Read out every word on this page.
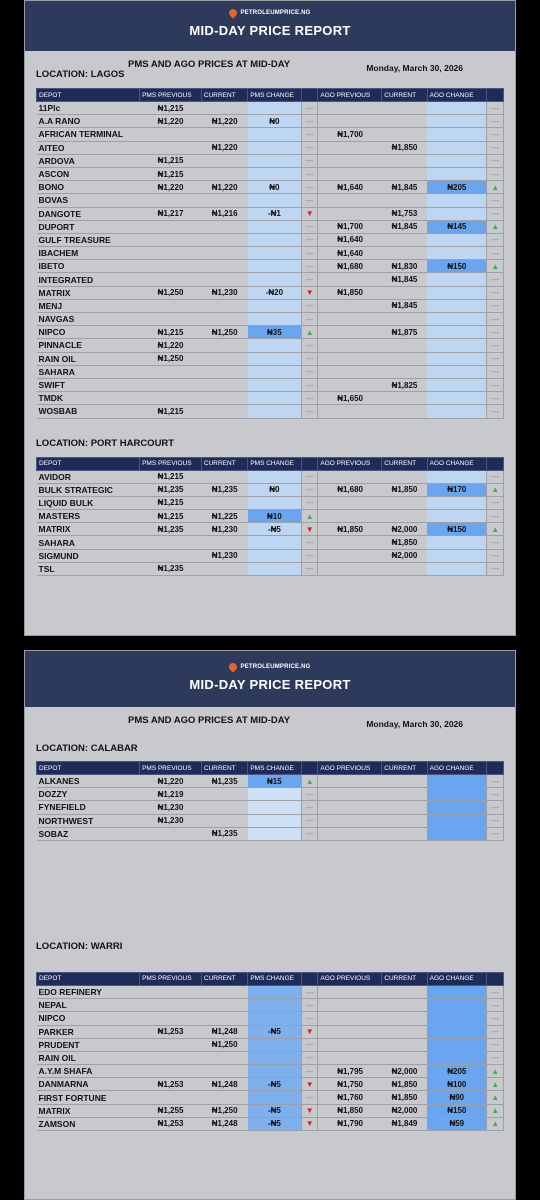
PETROLEUMPRICE.NG
MID-DAY PRICE REPORT
PMS AND AGO PRICES AT MID-DAY	Monday, March 30, 2026
LOCATION: LAGOS
DEPOT	PMS PREVIOUS	CURRENT	PMS CHANGE		AGO PREVIOUS	CURRENT	AGO CHANGE	
11Plc	₦1,215			—				—
A.A RANO	₦1,220	₦1,220	₦0	—				—
AFRICAN TERMINAL				—	₦1,700			—
AITEO		₦1,220		—		₦1,850		—
ARDOVA	₦1,215			—				—
ASCON	₦1,215			—				—
BONO	₦1,220	₦1,220	₦0	—	₦1,640	₦1,845	₦205	▲
BOVAS				—				—
DANGOTE	₦1,217	₦1,216	-₦1	▼		₦1,753		—
DUPORT				—	₦1,700	₦1,845	₦145	▲
GULF TREASURE				—	₦1,640			—
IBACHEM				—	₦1,640			—
IBETO				—	₦1,680	₦1,830	₦150	▲
INTEGRATED				—		₦1,845		—
MATRIX	₦1,250	₦1,230	-₦20	▼	₦1,850			—
MENJ				—		₦1,845		—
NAVGAS				—				—
NIPCO	₦1,215	₦1,250	₦35	▲		₦1,875		—
PINNACLE	₦1,220			—				—
RAIN OIL	₦1,250			—				—
SAHARA				—				—
SWIFT				—		₦1,825		—
TMDK				—	₦1,650			—
WOSBAB	₦1,215			—				—
LOCATION: PORT HARCOURT
DEPOT	PMS PREVIOUS	CURRENT	PMS CHANGE		AGO PREVIOUS	CURRENT	AGO CHANGE	
AVIDOR	₦1,215			—				—
BULK STRATEGIC	₦1,235	₦1,235	₦0	—	₦1,680	₦1,850	₦170	▲
LIQUID BULK	₦1,215			—				—
MASTERS	₦1,215	₦1,225	₦10	▲				—
MATRIX	₦1,235	₦1,230	-₦5	▼	₦1,850	₦2,000	₦150	▲
SAHARA				—		₦1,850		—
SIGMUND		₦1,230		—		₦2,000		—
TSL	₦1,235			—				—
PETROLEUMPRICE.NG
MID-DAY PRICE REPORT
PMS AND AGO PRICES AT MID-DAY	Monday, March 30, 2026
LOCATION: CALABAR
DEPOT	PMS PREVIOUS	CURRENT	PMS CHANGE		AGO PREVIOUS	CURRENT	AGO CHANGE	
ALKANES	₦1,220	₦1,235	₦15	▲				—
DOZZY	₦1,219			—				—
FYNEFIELD	₦1,230			—				—
NORTHWEST	₦1,230			—				—
SOBAZ		₦1,235		—				—
LOCATION: WARRI
DEPOT	PMS PREVIOUS	CURRENT	PMS CHANGE		AGO PREVIOUS	CURRENT	AGO CHANGE	
EDO REFINERY				—				—
NEPAL				—				—
NIPCO				—				—
PARKER	₦1,253	₦1,248	-₦5	▼				—
PRUDENT		₦1,250		—				—
RAIN OIL				—				—
A.Y.M SHAFA				—	₦1,795	₦2,000	₦205	▲
DANMARNA	₦1,253	₦1,248	-₦5	▼	₦1,750	₦1,850	₦100	▲
FIRST FORTUNE				—	₦1,760	₦1,850	₦90	▲
MATRIX	₦1,255	₦1,250	-₦5	▼	₦1,850	₦2,000	₦150	▲
ZAMSON	₦1,253	₦1,248	-₦5	▼	₦1,790	₦1,849	₦59	▲
